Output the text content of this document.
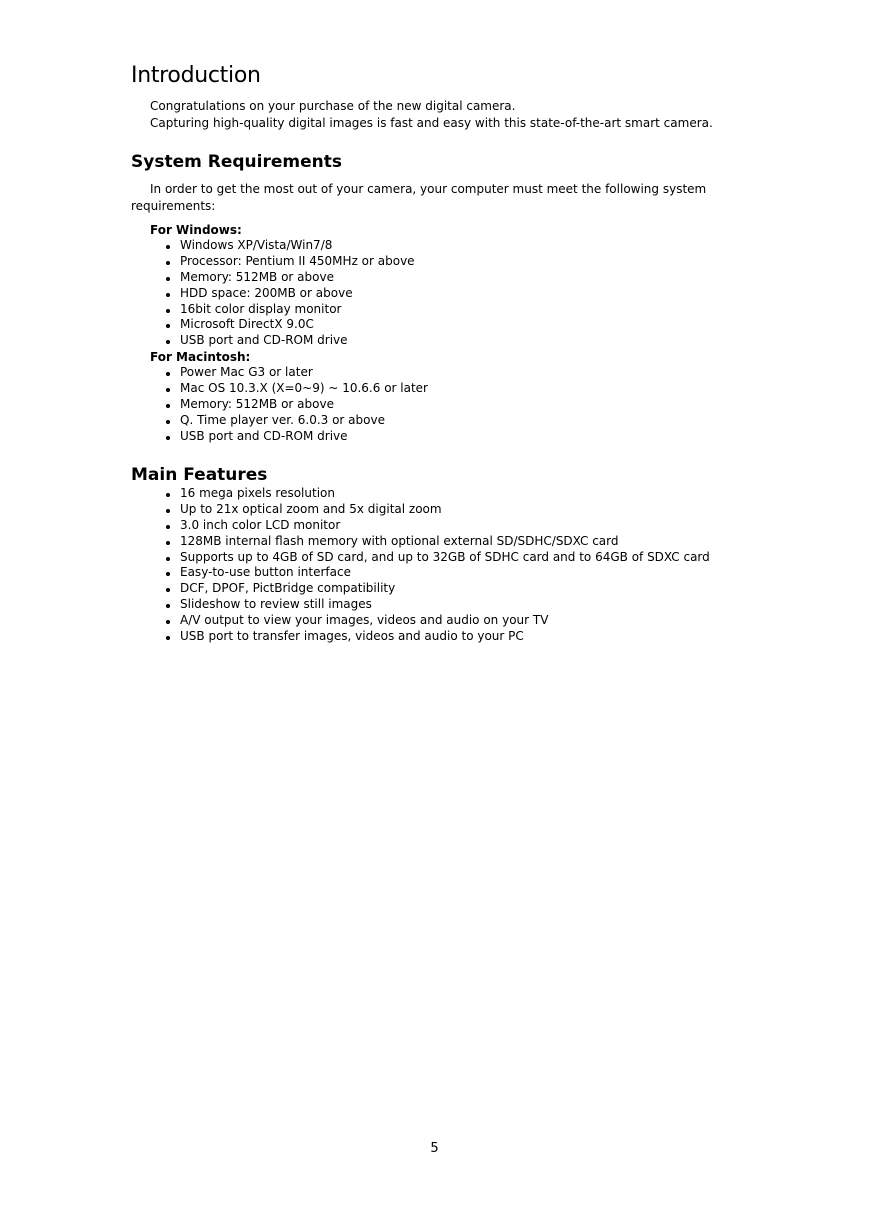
Introduction
Congratulations on your purchase of the new digital camera.
Capturing high-quality digital images is fast and easy with this state-of-the-art smart camera.
System Requirements
In order to get the most out of your camera, your computer must meet the following system requirements:
For Windows:
Windows XP/Vista/Win7/8
Processor: Pentium II 450MHz or above
Memory: 512MB or above
HDD space: 200MB or above
16bit color display monitor
Microsoft DirectX 9.0C
USB port and CD-ROM drive
For Macintosh:
Power Mac G3 or later
Mac OS 10.3.X (X=0~9) ~ 10.6.6 or later
Memory: 512MB or above
Q. Time player ver. 6.0.3 or above
USB port and CD-ROM drive
Main Features
16 mega pixels resolution
Up to 21x optical zoom and 5x digital zoom
3.0 inch color LCD monitor
128MB internal flash memory with optional external SD/SDHC/SDXC card
Supports up to 4GB of SD card, and up to 32GB of SDHC card and to 64GB of SDXC card
Easy-to-use button interface
DCF, DPOF, PictBridge compatibility
Slideshow to review still images
A/V output to view your images, videos and audio on your TV
USB port to transfer images, videos and audio to your PC
5
